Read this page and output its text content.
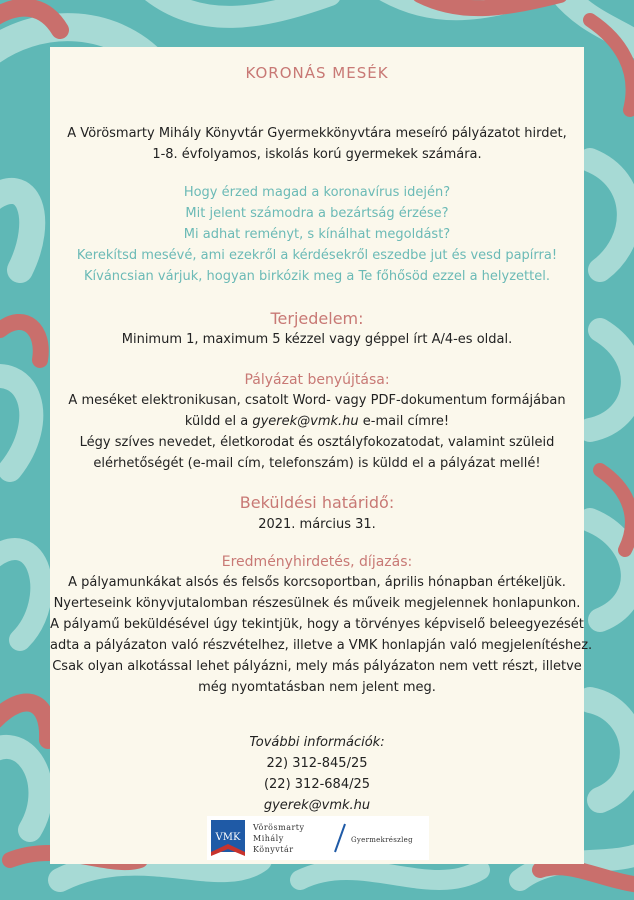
KORONÁS MESÉK
A Vörösmarty Mihály Könyvtár Gyermekkönyvtára meseíró pályázatot hirdet,
1-8. évfolyamos, iskolás korú gyermekek számára.
Hogy érzed magad a koronavírus idején?
Mit jelent számodra a bezártság érzése?
Mi adhat reményt, s kínálhat megoldást?
Kerekítsd mesévé, ami ezekről a kérdésekről eszedbe jut és vesd papírra!
Kíváncsian várjuk, hogyan birkózik meg a Te főhősöd ezzel a helyzettel.
Terjedelem:
Minimum 1, maximum 5 kézzel vagy géppel írt A/4-es oldal.
Pályázat benyújtása:
A meséket elektronikusan, csatolt Word- vagy PDF-dokumentum formájában
küldd el a gyerek@vmk.hu e-mail címre!
Légy szíves nevedet, életkorodat és osztályfokozatodat, valamint szüleid
elérhetőségét (e-mail cím, telefonszám) is küldd el a pályázat mellé!
Beküldési határidő:
2021. március 31.
Eredményhirdetés, díjazás:
A pályamunkákat alsós és felsős korcsoportban, április hónapban értékeljük.
Nyerteseink könyvjutalomban részesülnek és műveik megjelennek honlapunkon.
A pályamű beküldésével úgy tekintjük, hogy a törvényes képviselő beleegyezését
adta a pályázaton való részvételhez, illetve a VMK honlapján való megjelenítéshez.
Csak olyan alkotással lehet pályázni, mely más pályázaton nem vett részt, illetve
még nyomtatásban nem jelent meg.
További információk:
22) 312-845/25
(22) 312-684/25
gyerek@vmk.hu
VMK
Vörösmarty
Mihály
Könyvtár
Gyermekrészleg
